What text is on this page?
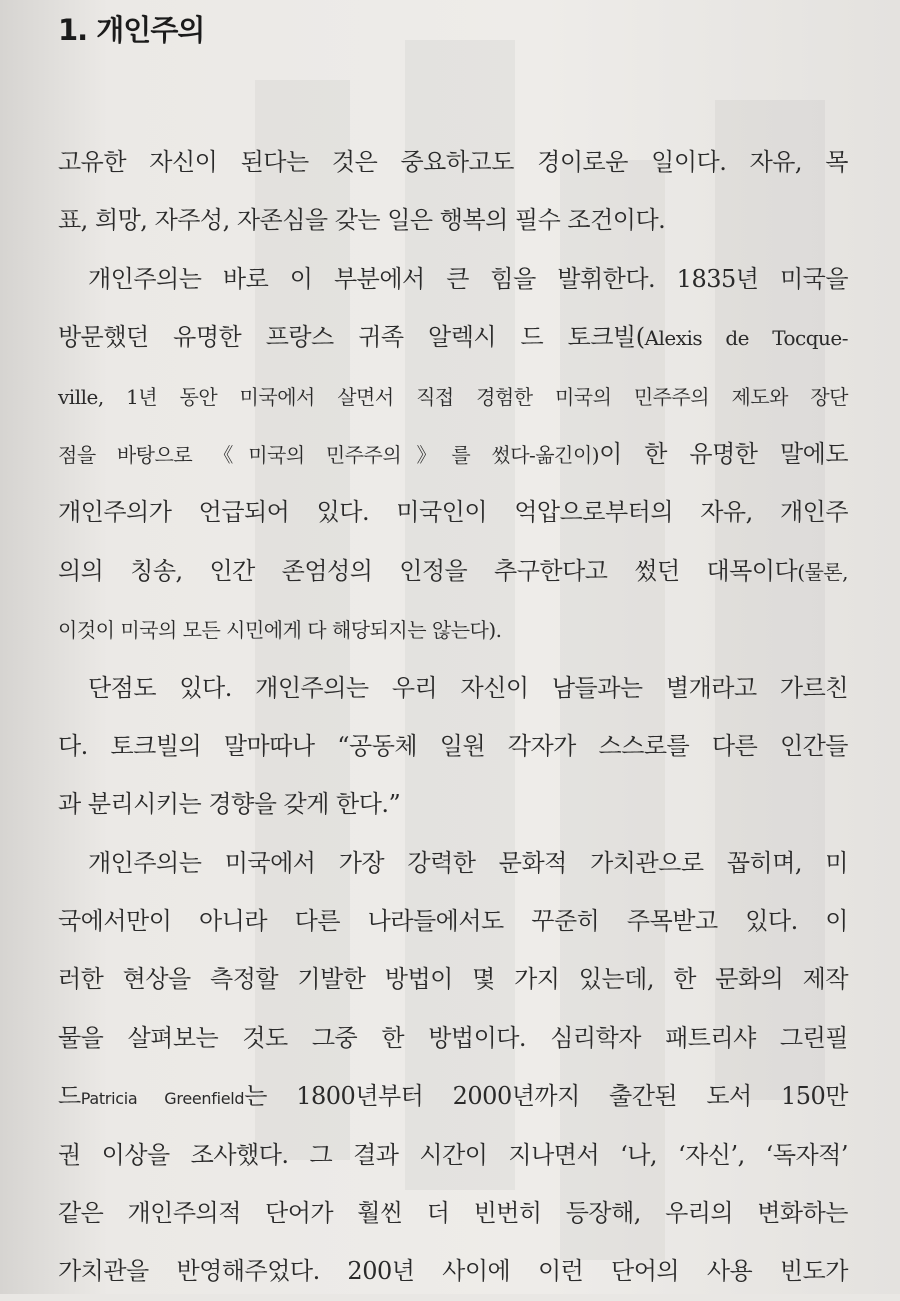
1. 개인주의
고유한 자신이 된다는 것은 중요하고도 경이로운 일이다. 자유, 목
표, 희망, 자주성, 자존심을 갖는 일은 행복의 필수 조건이다.
개인주의는 바로 이 부분에서 큰 힘을 발휘한다. 1835년 미국을
방문했던 유명한 프랑스 귀족 알렉시 드 토크빌(Alexis de Tocque-
ville, 1년 동안 미국에서 살면서 직접 경험한 미국의 민주주의 제도와 장단
점을 바탕으로 《미국의 민주주의》를 썼다-옮긴이)이 한 유명한 말에도
개인주의가 언급되어 있다. 미국인이 억압으로부터의 자유, 개인주
의의 칭송, 인간 존엄성의 인정을 추구한다고 썼던 대목이다(물론,
이것이 미국의 모든 시민에게 다 해당되지는 않는다).
단점도 있다. 개인주의는 우리 자신이 남들과는 별개라고 가르친
다. 토크빌의 말마따나 “공동체 일원 각자가 스스로를 다른 인간들
과 분리시키는 경향을 갖게 한다.”
개인주의는 미국에서 가장 강력한 문화적 가치관으로 꼽히며, 미
국에서만이 아니라 다른 나라들에서도 꾸준히 주목받고 있다. 이
러한 현상을 측정할 기발한 방법이 몇 가지 있는데, 한 문화의 제작
물을 살펴보는 것도 그중 한 방법이다. 심리학자 패트리샤 그린필
드Patricia Greenfield는 1800년부터 2000년까지 출간된 도서 150만
권 이상을 조사했다. 그 결과 시간이 지나면서 ‘나, ‘자신’, ‘독자적’
같은 개인주의적 단어가 훨씬 더 빈번히 등장해, 우리의 변화하는
가치관을 반영해주었다. 200년 사이에 이런 단어의 사용 빈도가
